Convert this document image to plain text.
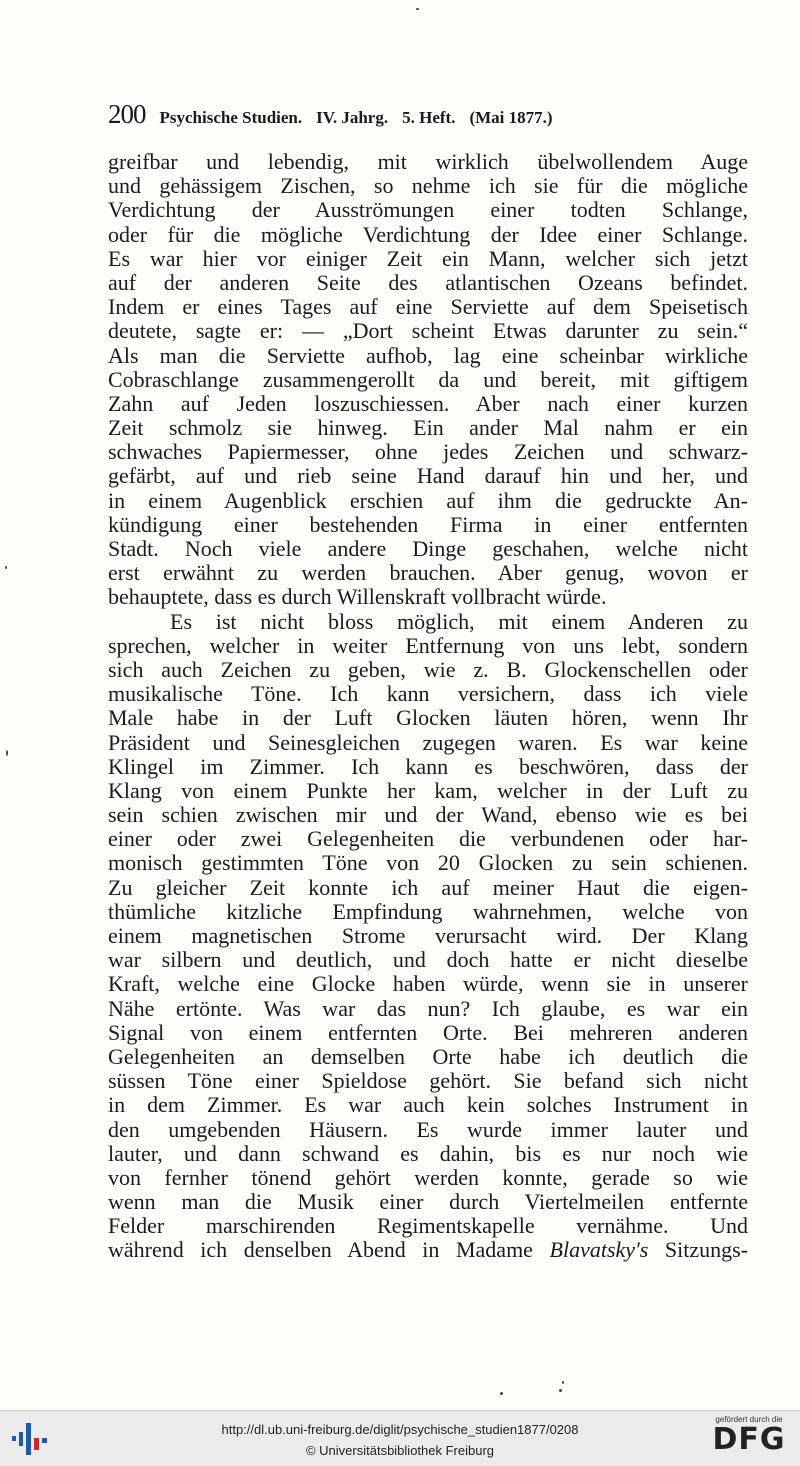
200 Psychische Studien. IV. Jahrg. 5. Heft. (Mai 1877.)
greifbar und lebendig, mit wirklich übelwollendem Auge
und gehässigem Zischen, so nehme ich sie für die mögliche
Verdichtung der Ausströmungen einer todten Schlange,
oder für die mögliche Verdichtung der Idee einer Schlange.
Es war hier vor einiger Zeit ein Mann, welcher sich jetzt
auf der anderen Seite des atlantischen Ozeans befindet.
Indem er eines Tages auf eine Serviette auf dem Speisetisch
deutete, sagte er: — „Dort scheint Etwas darunter zu sein.“
Als man die Serviette aufhob, lag eine scheinbar wirkliche
Cobraschlange zusammengerollt da und bereit, mit giftigem
Zahn auf Jeden loszuschiessen. Aber nach einer kurzen
Zeit schmolz sie hinweg. Ein ander Mal nahm er ein
schwaches Papiermesser, ohne jedes Zeichen und schwarz-
gefärbt, auf und rieb seine Hand darauf hin und her, und
in einem Augenblick erschien auf ihm die gedruckte An-
kündigung einer bestehenden Firma in einer entfernten
Stadt. Noch viele andere Dinge geschahen, welche nicht
erst erwähnt zu werden brauchen. Aber genug, wovon er
behauptete, dass es durch Willenskraft vollbracht würde.
Es ist nicht bloss möglich, mit einem Anderen zu
sprechen, welcher in weiter Entfernung von uns lebt, sondern
sich auch Zeichen zu geben, wie z. B. Glockenschellen oder
musikalische Töne. Ich kann versichern, dass ich viele
Male habe in der Luft Glocken läuten hören, wenn Ihr
Präsident und Seinesgleichen zugegen waren. Es war keine
Klingel im Zimmer. Ich kann es beschwören, dass der
Klang von einem Punkte her kam, welcher in der Luft zu
sein schien zwischen mir und der Wand, ebenso wie es bei
einer oder zwei Gelegenheiten die verbundenen oder har-
monisch gestimmten Töne von 20 Glocken zu sein schienen.
Zu gleicher Zeit konnte ich auf meiner Haut die eigen-
thümliche kitzliche Empfindung wahrnehmen, welche von
einem magnetischen Strome verursacht wird. Der Klang
war silbern und deutlich, und doch hatte er nicht dieselbe
Kraft, welche eine Glocke haben würde, wenn sie in unserer
Nähe ertönte. Was war das nun? Ich glaube, es war ein
Signal von einem entfernten Orte. Bei mehreren anderen
Gelegenheiten an demselben Orte habe ich deutlich die
süssen Töne einer Spieldose gehört. Sie befand sich nicht
in dem Zimmer. Es war auch kein solches Instrument in
den umgebenden Häusern. Es wurde immer lauter und
lauter, und dann schwand es dahin, bis es nur noch wie
von fernher tönend gehört werden konnte, gerade so wie
wenn man die Musik einer durch Viertelmeilen entfernte
Felder marschirenden Regimentskapelle vernähme. Und
während ich denselben Abend in Madame Blavatsky's Sitzungs-
http://dl.ub.uni-freiburg.de/diglit/psychische_studien1877/0208
© Universitätsbibliothek Freiburg
gefördert durch die
DFG
